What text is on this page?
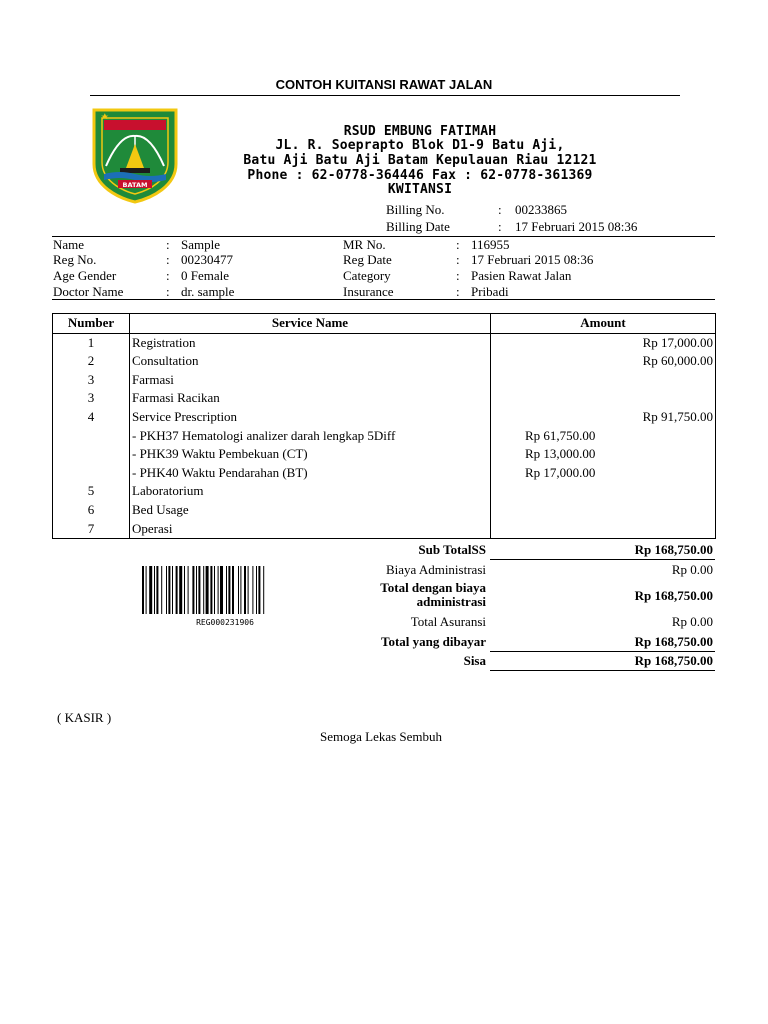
CONTOH KUITANSI RAWAT JALAN
BATAM
RSUD EMBUNG FATIMAH
JL. R. Soeprapto Blok D1-9 Batu Aji,
Batu Aji Batu Aji Batam Kepulauan Riau 12121
Phone : 62-0778-364446 Fax : 62-0778-361369
KWITANSI
Billing No.	: 00233865
Billing Date	: 17 Februari 2015 08:36
Name	: Sample
Reg No.	: 00230477
Age Gender	: 0 Female
Doctor Name	: dr. sample
MR No.	: 116955
Reg Date	: 17 Februari 2015 08:36
Category	: Pasien Rawat Jalan
Insurance	: Pribadi
Number	Service Name	Amount
1	Registration	Rp 17,000.00
2	Consultation	Rp 60,000.00
3	Farmasi	
3	Farmasi Racikan	
4	Service Prescription	Rp 91,750.00
	- PKH37 Hematologi analizer darah lengkap 5Diff	Rp 61,750.00
	- PHK39 Waktu Pembekuan (CT)	Rp 13,000.00
	- PHK40 Waktu Pendarahan (BT)	Rp 17,000.00
5	Laboratorium	
6	Bed Usage	
7	Operasi	
REG000231906
Sub TotalSS	Rp 168,750.00
Biaya Administrasi	Rp 0.00
Total dengan biaya
administrasi	Rp 168,750.00
Total Asuransi	Rp 0.00
Total yang dibayar	Rp 168,750.00
Sisa	Rp 168,750.00
( KASIR )
Semoga Lekas Sembuh
